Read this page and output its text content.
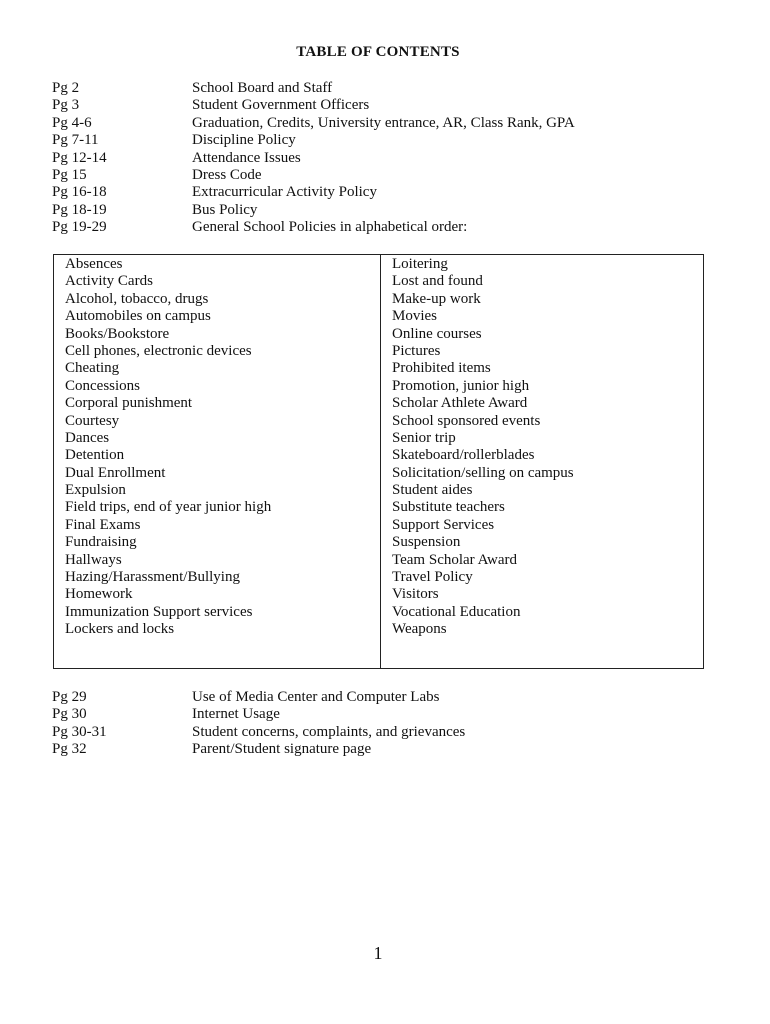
TABLE OF CONTENTS
Pg 2	School Board and Staff
Pg 3	Student Government Officers
Pg 4-6	Graduation, Credits, University entrance, AR, Class Rank, GPA
Pg 7-11	Discipline Policy
Pg 12-14	Attendance Issues
Pg 15	Dress Code
Pg 16-18	Extracurricular Activity Policy
Pg 18-19	Bus Policy
Pg 19-29	General School Policies in alphabetical order:
Absences
Activity Cards
Alcohol, tobacco, drugs
Automobiles on campus
Books/Bookstore
Cell phones, electronic devices
Cheating
Concessions
Corporal punishment
Courtesy
Dances
Detention
Dual Enrollment
Expulsion
Field trips, end of year junior high
Final Exams
Fundraising
Hallways
Hazing/Harassment/Bullying
Homework
Immunization Support services
Lockers and locks
Loitering
Lost and found
Make-up work
Movies
Online courses
Pictures
Prohibited items
Promotion, junior high
Scholar Athlete Award
School sponsored events
Senior trip
Skateboard/rollerblades
Solicitation/selling on campus
Student aides
Substitute teachers
Support Services
Suspension
Team Scholar Award
Travel Policy
Visitors
Vocational Education
Weapons
Pg 29	Use of Media Center and Computer Labs
Pg 30	Internet Usage
Pg 30-31	Student concerns, complaints, and grievances
Pg 32	Parent/Student signature page
1
